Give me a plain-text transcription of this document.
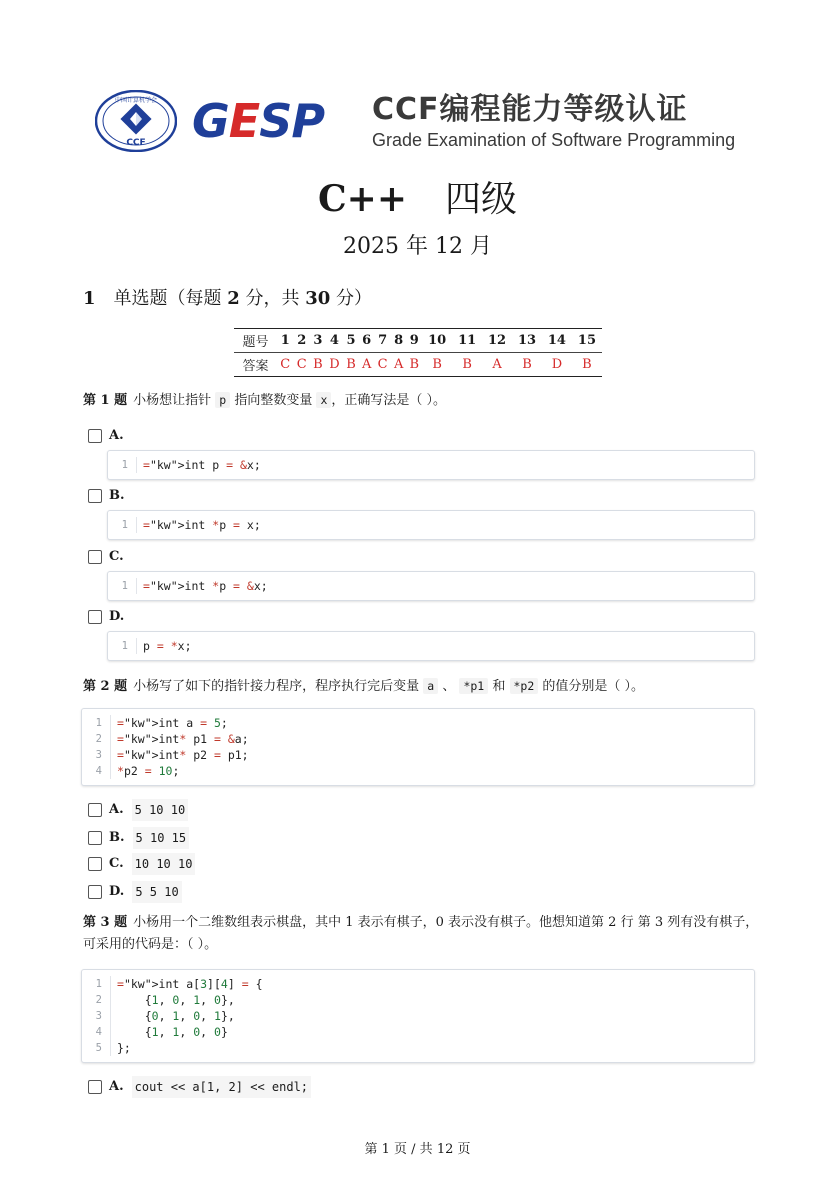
中国计算机学会
CCF GESP CCF编程能力等级认证
Grade Examination of Software Programming
C++ 四级
2025 年 12 月
1 单选题（每题 2 分，共 30 分）
题号	1	2	3	4	5	6	7	8	9	10	11	12	13	14	15
答案	C	C	B	D	B	A	C	A	B	B	B	A	B	D	B
第 1 题 小杨想让指针 p 指向整数变量 x ，正确写法是（ ）。
A.
1	="kw">int p = &x;
B.
1	="kw">int *p = x;
C.
1	="kw">int *p = &x;
D.
1	p = *x;
第 2 题 小杨写了如下的指针接力程序，程序执行完后变量 a 、 *p1 和 *p2 的值分别是（ ）。
1	="kw">int a = 5;
2	="kw">int* p1 = &a;
3	="kw">int* p2 = p1;
4	*p2 = 10;
A. 5 10 10
B. 5 10 15
C. 10 10 10
D. 5 5 10
第 3 题 小杨用一个二维数组表示棋盘，其中 1 表示有棋子，0 表示没有棋子。他想知道第 2 行 第 3 列有没有棋子，
可采用的代码是：（ ）。
1	="kw">int a[3][4] = {
2	{1, 0, 1, 0},
3	{0, 1, 0, 1},
4	{1, 1, 0, 0}
5	};
A. cout << a[1, 2] << endl;
第 1 页 / 共 12 页
